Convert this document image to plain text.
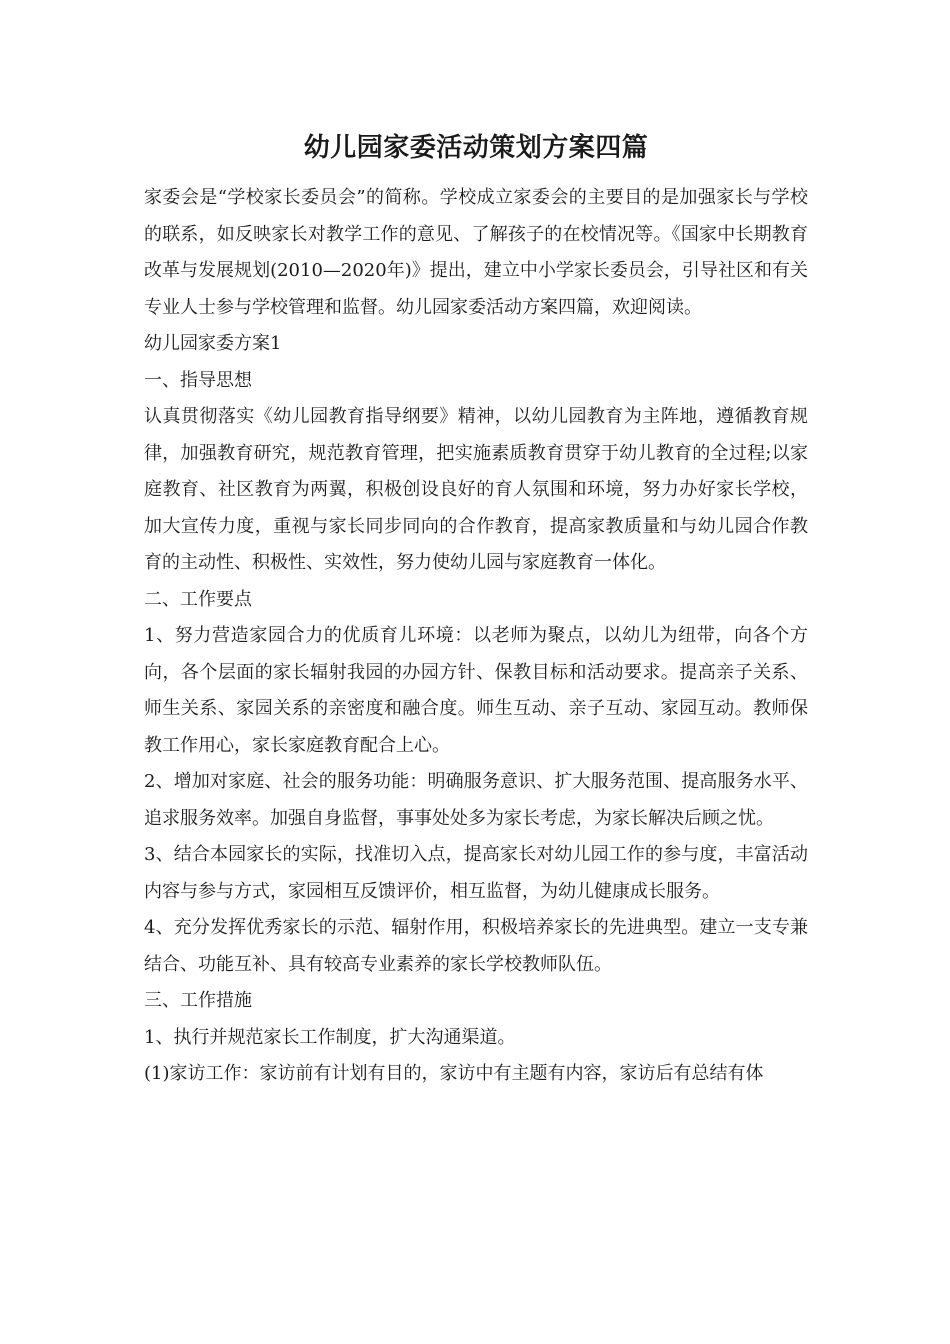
幼儿园家委活动策划方案四篇

家委会是“学校家长委员会”的简称。学校成立家委会的主要目的是加强家长与学校的联系，如反映家长对教学工作的意见、了解孩子的在校情况等。《国家中长期教育改革与发展规划(2010—2020年)》提出，建立中小学家长委员会，引导社区和有关专业人士参与学校管理和监督。幼儿园家委活动方案四篇，欢迎阅读。

幼儿园家委方案1

一、指导思想

认真贯彻落实《幼儿园教育指导纲要》精神，以幼儿园教育为主阵地，遵循教育规律，加强教育研究，规范教育管理，把实施素质教育贯穿于幼儿教育的全过程;以家庭教育、社区教育为两翼，积极创设良好的育人氛围和环境，努力办好家长学校，加大宣传力度，重视与家长同步同向的合作教育，提高家教质量和与幼儿园合作教育的主动性、积极性、实效性，努力使幼儿园与家庭教育一体化。

二、工作要点

1、努力营造家园合力的优质育儿环境：以老师为聚点，以幼儿为纽带，向各个方向，各个层面的家长辐射我园的办园方针、保教目标和活动要求。提高亲子关系、师生关系、家园关系的亲密度和融合度。师生互动、亲子互动、家园互动。教师保教工作用心，家长家庭教育配合上心。

2、增加对家庭、社会的服务功能：明确服务意识、扩大服务范围、提高服务水平、追求服务效率。加强自身监督，事事处处多为家长考虑，为家长解决后顾之忧。

3、结合本园家长的实际，找准切入点，提高家长对幼儿园工作的参与度，丰富活动内容与参与方式，家园相互反馈评价，相互监督，为幼儿健康成长服务。

4、充分发挥优秀家长的示范、辐射作用，积极培养家长的先进典型。建立一支专兼结合、功能互补、具有较高专业素养的家长学校教师队伍。

三、工作措施

1、执行并规范家长工作制度，扩大沟通渠道。

(1)家访工作：家访前有计划有目的，家访中有主题有内容，家访后有总结有体
